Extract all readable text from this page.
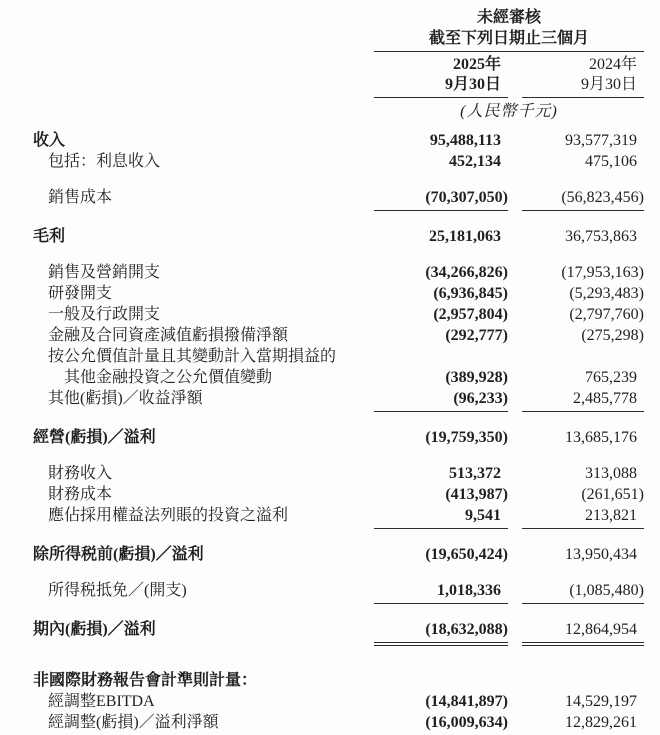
未經審核
截至下列日期止三個月
2025年
9月30日
2024年
9月30日
(人民幣千元)
收入	95,488,113	93,577,319
包括：利息收入	452,134	475,106
銷售成本	(70,307,050)	(56,823,456)
毛利	25,181,063	36,753,863
銷售及營銷開支	(34,266,826)	(17,953,163)
研發開支	(6,936,845)	(5,293,483)
一般及行政開支	(2,957,804)	(2,797,760)
金融及合同資產減值虧損撥備淨額	(292,777)	(275,298)
按公允價值計量且其變動計入當期損益的
其他金融投資之公允價值變動	(389,928)	765,239
其他(虧損)／收益淨額	(96,233)	2,485,778
經營(虧損)／溢利	(19,759,350)	13,685,176
財務收入	513,372	313,088
財務成本	(413,987)	(261,651)
應佔採用權益法列賬的投資之溢利	9,541	213,821
除所得税前(虧損)／溢利	(19,650,424)	13,950,434
所得税抵免／(開支)	1,018,336	(1,085,480)
期內(虧損)／溢利	(18,632,088)	12,864,954
非國際財務報告會計準則計量：
經調整EBITDA	(14,841,897)	14,529,197
經調整(虧損)／溢利淨額	(16,009,634)	12,829,261
